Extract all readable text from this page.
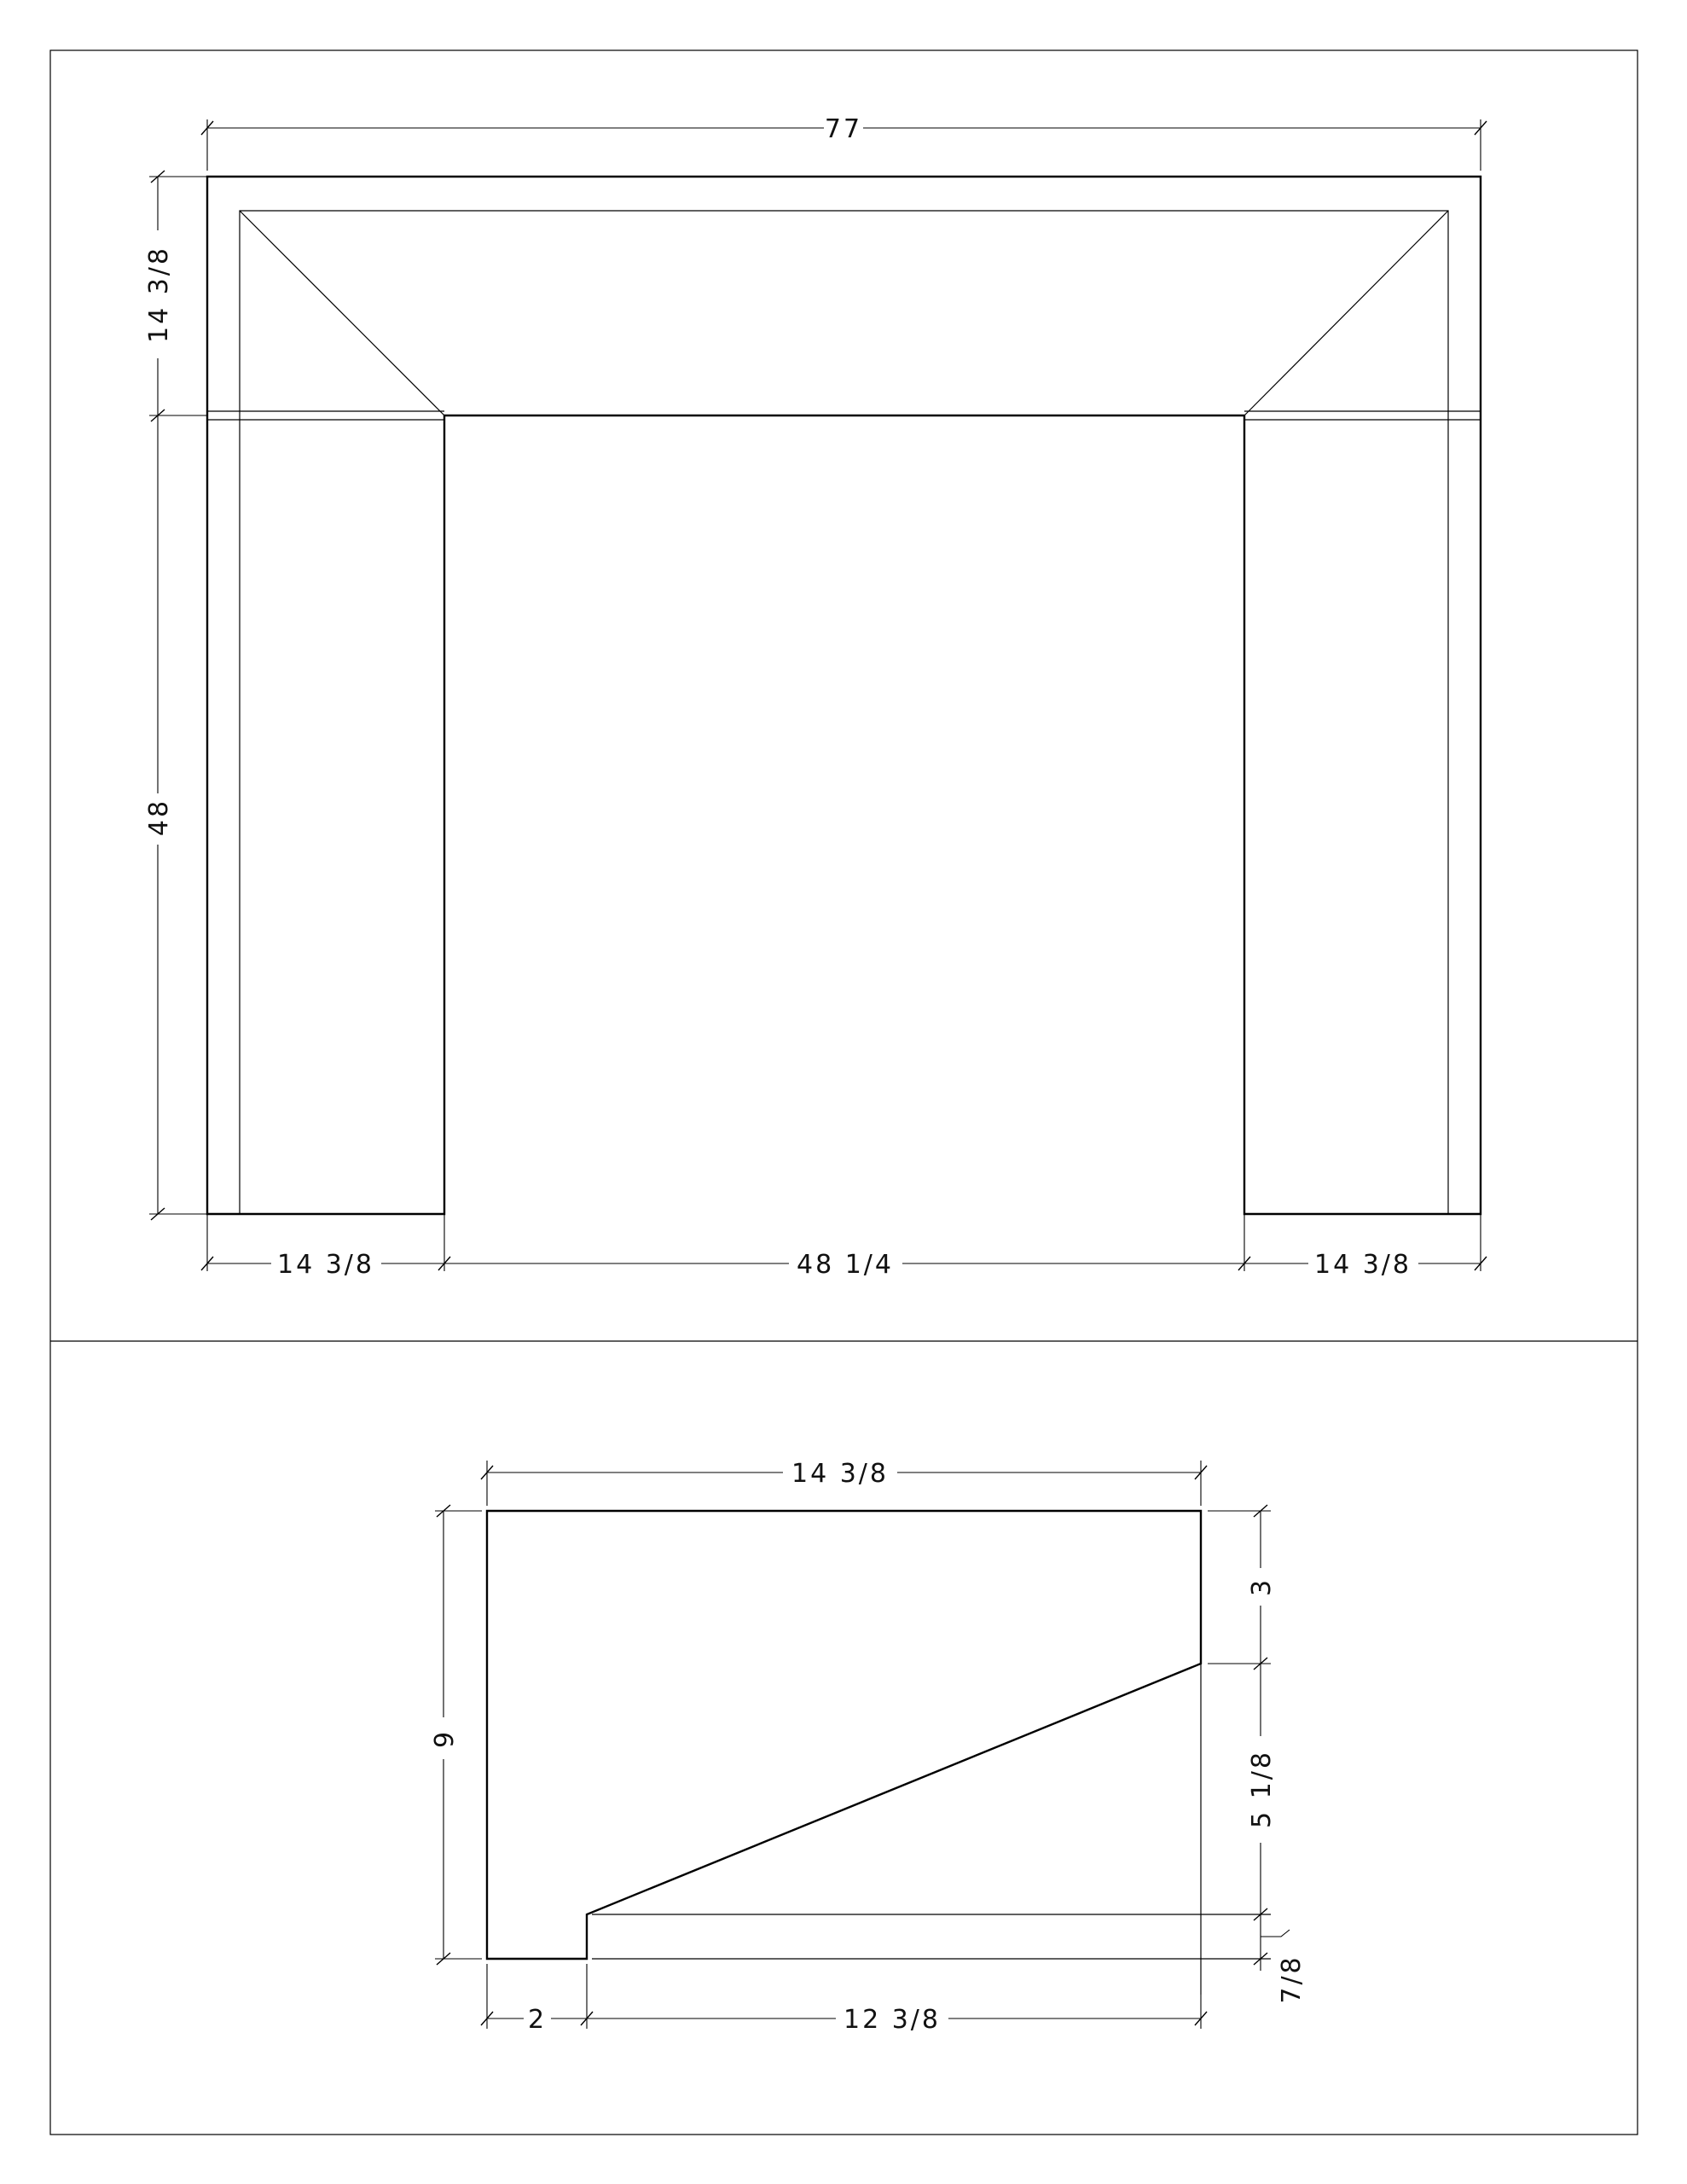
77
14 3/8
48
14 3/8	48 1/4	14 3/8
14 3/8
9
3
5 1/8
7/8
2	12 3/8
